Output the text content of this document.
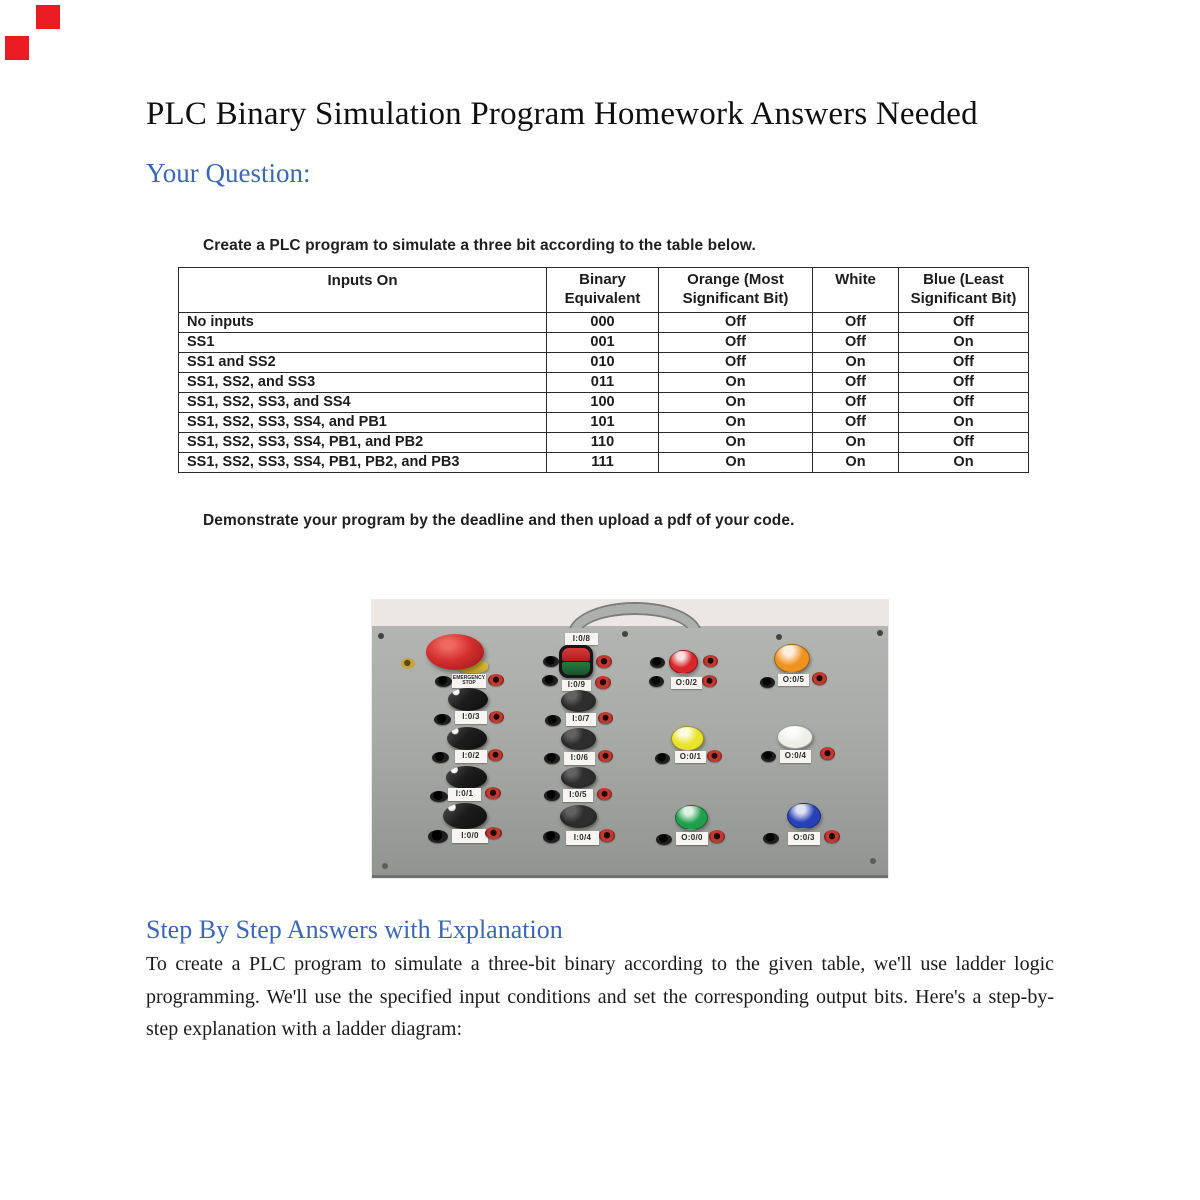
PLC Binary Simulation Program Homework Answers Needed
Your Question:
Create a PLC program to simulate a three bit according to the table below.
Inputs On	Binary Equivalent	Orange (Most Significant Bit)	White	Blue (Least Significant Bit)
No inputs	000	Off	Off	Off
SS1	001	Off	Off	On
SS1 and SS2	010	Off	On	Off
SS1, SS2, and SS3	011	On	Off	Off
SS1, SS2, SS3, and SS4	100	On	Off	Off
SS1, SS2, SS3, SS4, and PB1	101	On	Off	On
SS1, SS2, SS3, SS4, PB1, and PB2	110	On	On	Off
SS1, SS2, SS3, SS4, PB1, PB2, and PB3	111	On	On	On
Demonstrate your program by the deadline and then upload a pdf of your code.
EMERGENCY STOP
I:0/3
I:0/2
I:0/1
I:0/0
I:0/8
I:0/9
I:0/7
I:0/6
I:0/5
I:0/4
O:0/2
O:0/1
O:0/0
O:0/5
O:0/4
O:0/3
Step By Step Answers with Explanation
To create a PLC program to simulate a three-bit binary according to the given table, we'll use ladder logic programming. We'll use the specified input conditions and set the corresponding output bits. Here's a step-by-step explanation with a ladder diagram:
